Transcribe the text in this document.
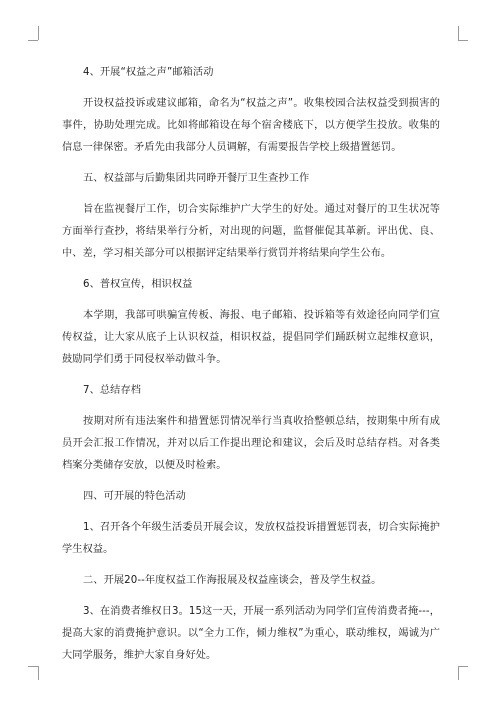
4、开展“权益之声”邮箱活动

开设权益投诉或建议邮箱，命名为“权益之声”。收集校园合法权益受到损害的事件，协助处理完成。比如将邮箱设在每个宿舍楼底下，以方便学生投放。收集的信息一律保密。矛盾先由我部分人员调解，有需要报告学校上级措置惩罚。

五、权益部与后勤集团共同睁开餐厅卫生查抄工作

旨在监视餐厅工作，切合实际维护广大学生的好处。通过对餐厅的卫生状况等方面举行查抄，将结果举行分析，对出现的问题，监督催促其革新。评出优、良、中、差，学习相关部分可以根据评定结果举行赏罚并将结果向学生公布。

6、普权宣传，相识权益

本学期，我部可哄骗宣传板、海报、电子邮箱、投诉箱等有效途径向同学们宣传权益，让大家从底子上认识权益，相识权益，提倡同学们踊跃树立起维权意识，鼓励同学们勇于同侵权举动做斗争。

7、总结存档

按期对所有违法案件和措置惩罚情况举行当真收拾整顿总结，按期集中所有成员开会汇报工作情况，并对以后工作提出理论和建议，会后及时总结存档。对各类档案分类储存安放，以便及时检索。

四、可开展的特色活动

1、召开各个年级生活委员开展会议，发放权益投诉措置惩罚表，切合实际掩护学生权益。

二、开展20--年度权益工作海报展及权益座谈会，普及学生权益。

3、在消费者维权日3。15这一天，开展一系列活动为同学们宣传消费者掩---，提高大家的消费掩护意识。以“全力工作，倾力维权”为重心，联动维权，竭诚为广大同学服务，维护大家自身好处。
